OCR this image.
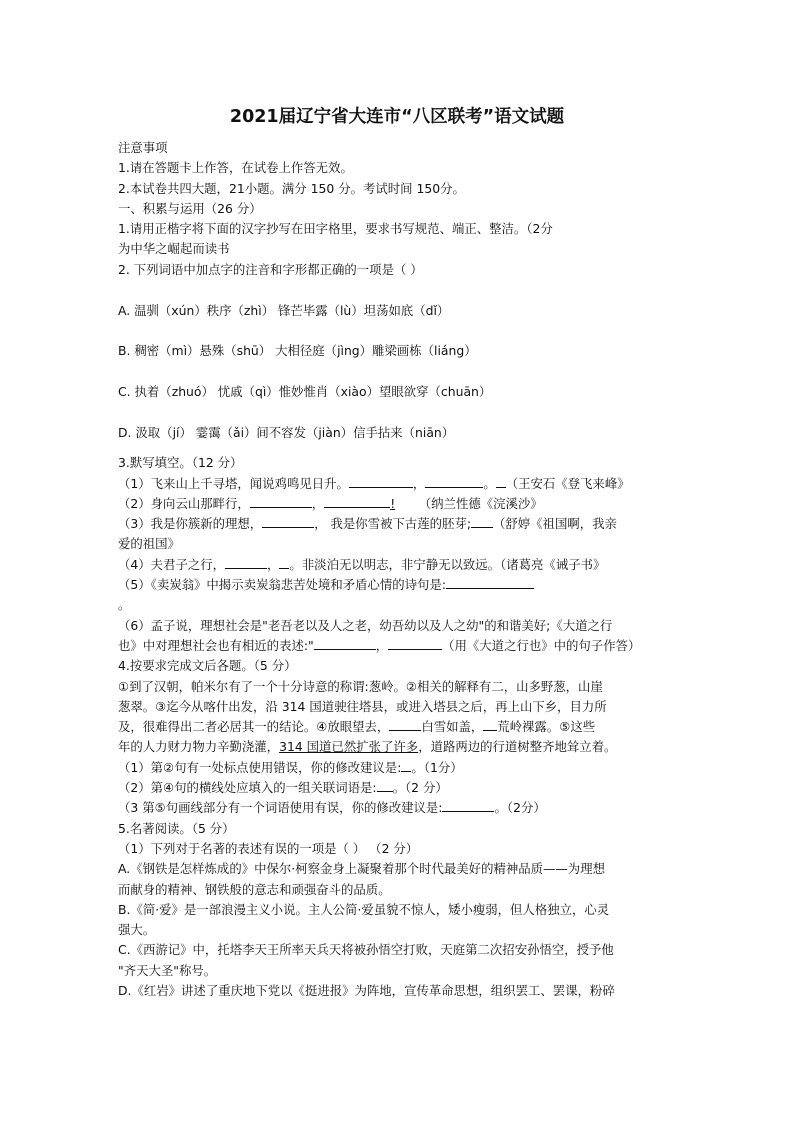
2021届辽宁省大连市“八区联考”语文试题
注意事项
1.请在答题卡上作答，在试卷上作答无效。
2.本试卷共四大题，21小题。满分 150 分。考试时间 150分。
一、积累与运用（26 分）
1.请用正楷字将下面的汉字抄写在田字格里，要求书写规范、端正、整洁。（2分
为中华之崛起而读书
2. 下列词语中加点字的注音和字形都正确的一项是（ ）
A. 温驯（xún）秩序（zhì） 锋芒毕露（lù）坦荡如底（dǐ）
B. 稠密（mì）悬殊（shū） 大相径庭（jìng）雕梁画栋（liáng）
C. 执着（zhuó） 忧戚（qì）惟妙惟肖（xiào）望眼欲穿（chuān）
D. 汲取（jí） 霎霭（ǎi）间不容发（jiàn）信手拈来（niān）
3.默写填空。（12 分）
（1）飞来山上千寻塔，闻说鸡鸣见日升。	，	。 （王安石《登飞来峰》
（2）身向云山那畔行，	，	! （纳兰性德《浣溪沙》
（3）我是你簇新的理想，	， 我是你雪被下古莲的胚芽; （舒婷《祖国啊，我亲
爱的祖国》
（4）夫君子之行，	， 。非淡泊无以明志，非宁静无以致远。（诸葛亮《诫子书》
（5）《卖炭翁》中揭示卖炭翁悲苦处境和矛盾心情的诗句是:
。
（6）孟子说，理想社会是"老吾老以及人之老，幼吾幼以及人之幼"的和谐美好;《大道之行
也》中对理想社会也有相近的表述:"	，	（用《大道之行也》中的句子作答）
4.按要求完成文后各题。（5 分）
①到了汉朝，帕米尔有了一个十分诗意的称谓:葱岭。②相关的解释有二，山多野葱，山崖
葱翠。③迄今从喀什出发，沿 314 国道驶往塔县，或进入塔县之后，再上山下乡，目力所
及，很难得出二者必居其一的结论。④放眼望去，	白雪如盖， 荒岭裸露。⑤这些
年的人力财力物力辛勤浇灌，314 国道已然扩张了许多，道路两边的行道树整齐地耸立着。
（1）第②句有一处标点使用错误，你的修改建议是: 。（1分）
（2）第④句的横线处应填入的一组关联词语是: 。（2 分）
（3 第⑤句画线部分有一个词语使用有误，你的修改建议是:	。（2分）
5.名著阅读。（5 分）
（1）下列对于名著的表述有误的一项是（ ） （2 分）
A.《钢铁是怎样炼成的》中保尔·柯察金身上凝聚着那个时代最美好的精神品质——为理想
而献身的精神、钢铁般的意志和顽强奋斗的品质。
B.《简·爱》是一部浪漫主义小说。主人公简·爱虽貌不惊人，矮小瘦弱，但人格独立，心灵
强大。
C.《西游记》中，托塔李天王所率天兵天将被孙悟空打败，天庭第二次招安孙悟空，授予他
"齐天大圣"称号。
D.《红岩》讲述了重庆地下党以《挺进报》为阵地，宣传革命思想，组织罢工、罢课，粉碎
